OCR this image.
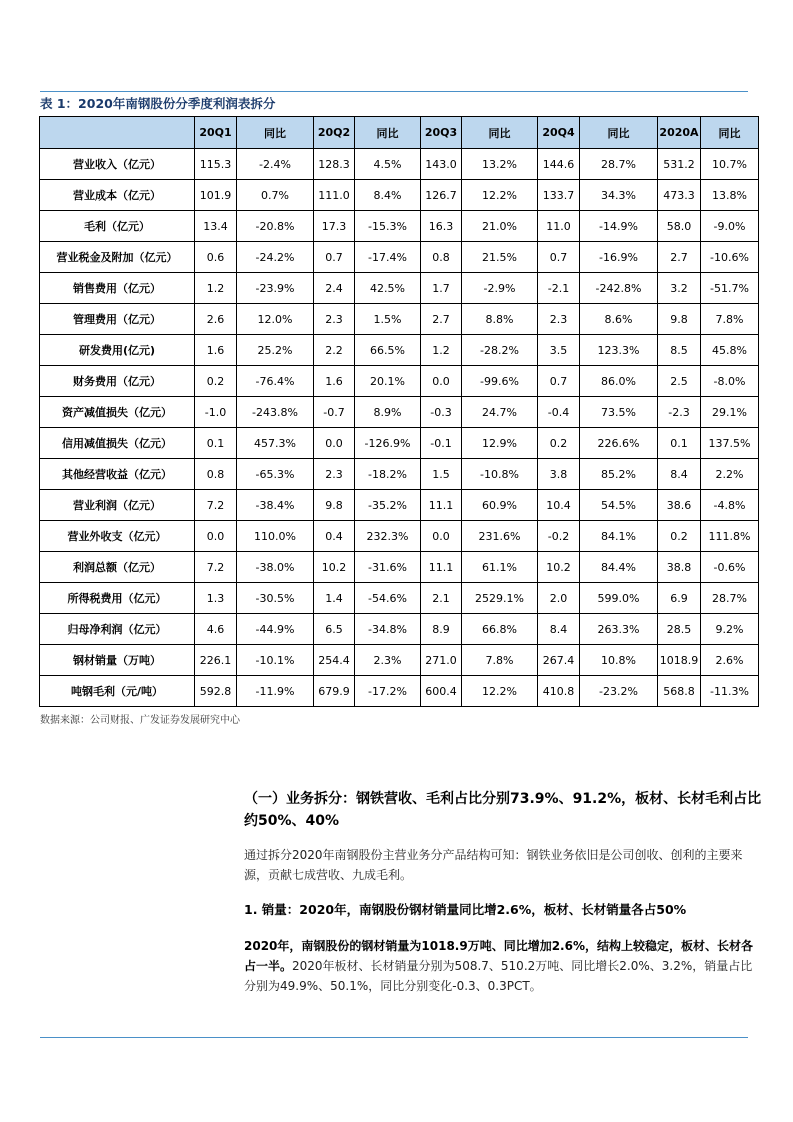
表 1：2020年南钢股份分季度利润表拆分
	20Q1	同比	20Q2	同比	20Q3	同比	20Q4	同比	2020A	同比
营业收入（亿元）	115.3	-2.4%	128.3	4.5%	143.0	13.2%	144.6	28.7%	531.2	10.7%
营业成本（亿元）	101.9	0.7%	111.0	8.4%	126.7	12.2%	133.7	34.3%	473.3	13.8%
毛利（亿元）	13.4	-20.8%	17.3	-15.3%	16.3	21.0%	11.0	-14.9%	58.0	-9.0%
营业税金及附加（亿元）	0.6	-24.2%	0.7	-17.4%	0.8	21.5%	0.7	-16.9%	2.7	-10.6%
销售费用（亿元）	1.2	-23.9%	2.4	42.5%	1.7	-2.9%	-2.1	-242.8%	3.2	-51.7%
管理费用（亿元）	2.6	12.0%	2.3	1.5%	2.7	8.8%	2.3	8.6%	9.8	7.8%
研发费用(亿元)	1.6	25.2%	2.2	66.5%	1.2	-28.2%	3.5	123.3%	8.5	45.8%
财务费用（亿元）	0.2	-76.4%	1.6	20.1%	0.0	-99.6%	0.7	86.0%	2.5	-8.0%
资产减值损失（亿元）	-1.0	-243.8%	-0.7	8.9%	-0.3	24.7%	-0.4	73.5%	-2.3	29.1%
信用减值损失（亿元）	0.1	457.3%	0.0	-126.9%	-0.1	12.9%	0.2	226.6%	0.1	137.5%
其他经营收益（亿元）	0.8	-65.3%	2.3	-18.2%	1.5	-10.8%	3.8	85.2%	8.4	2.2%
营业利润（亿元）	7.2	-38.4%	9.8	-35.2%	11.1	60.9%	10.4	54.5%	38.6	-4.8%
营业外收支（亿元）	0.0	110.0%	0.4	232.3%	0.0	231.6%	-0.2	84.1%	0.2	111.8%
利润总额（亿元）	7.2	-38.0%	10.2	-31.6%	11.1	61.1%	10.2	84.4%	38.8	-0.6%
所得税费用（亿元）	1.3	-30.5%	1.4	-54.6%	2.1	2529.1%	2.0	599.0%	6.9	28.7%
归母净利润（亿元）	4.6	-44.9%	6.5	-34.8%	8.9	66.8%	8.4	263.3%	28.5	9.2%
钢材销量（万吨）	226.1	-10.1%	254.4	2.3%	271.0	7.8%	267.4	10.8%	1018.9	2.6%
吨钢毛利（元/吨）	592.8	-11.9%	679.9	-17.2%	600.4	12.2%	410.8	-23.2%	568.8	-11.3%
数据来源：公司财报、广发证券发展研究中心
（一）业务拆分：钢铁营收、毛利占比分别73.9%、91.2%，板材、长材毛利占比约50%、40%
通过拆分2020年南钢股份主营业务分产品结构可知：钢铁业务依旧是公司创收、创利的主要来源，贡献七成营收、九成毛利。
1. 销量：2020年，南钢股份钢材销量同比增2.6%，板材、长材销量各占50%
2020年，南钢股份的钢材销量为1018.9万吨、同比增加2.6%，结构上较稳定，板材、长材各占一半。2020年板材、长材销量分别为508.7、510.2万吨、同比增长2.0%、3.2%，销量占比分别为49.9%、50.1%，同比分别变化-0.3、0.3PCT。
